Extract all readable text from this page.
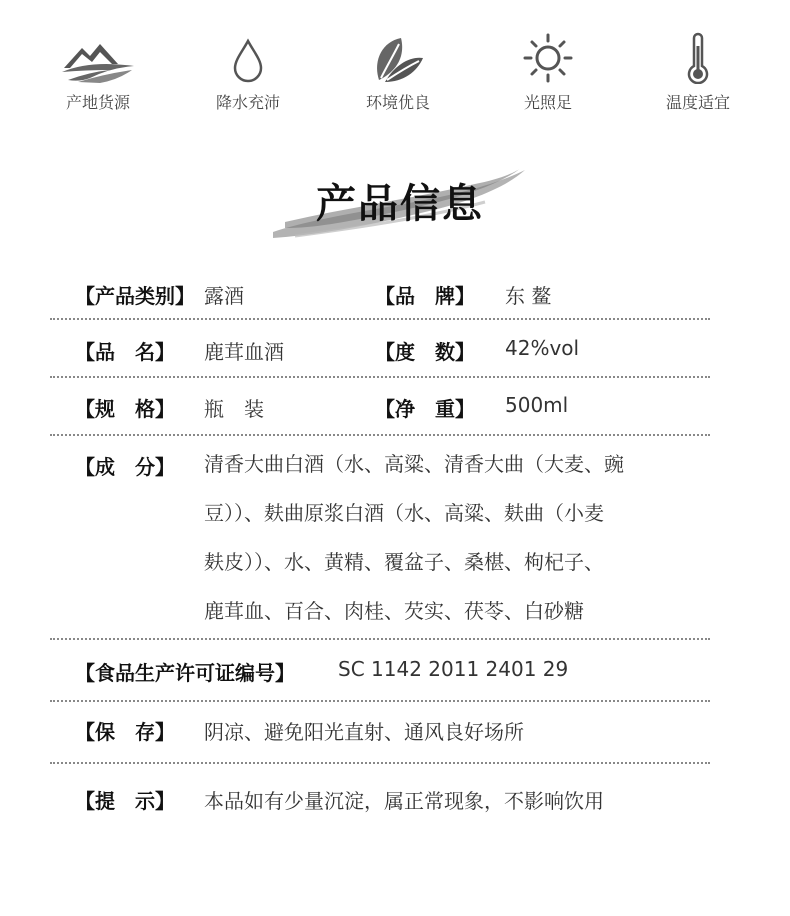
产地货源	降水充沛	环境优良	光照足	温度适宜
产品信息
【产品类别】 露酒	【品　牌】 东 鳌
【品　名】 鹿茸血酒	【度　数】 42%vol
【规　格】 瓶　装	【净　重】 500ml
【成　分】 清香大曲白酒（水、高粱、清香大曲（大麦、豌
豆））、麸曲原浆白酒（水、高粱、麸曲（小麦
麸皮））、水、黄精、覆盆子、桑椹、枸杞子、
鹿茸血、百合、肉桂、芡实、茯苓、白砂糖
【食品生产许可证编号】 SC 1142 2011 2401 29
【保　存】 阴凉、避免阳光直射、通风良好场所
【提　示】 本品如有少量沉淀，属正常现象，不影响饮用
